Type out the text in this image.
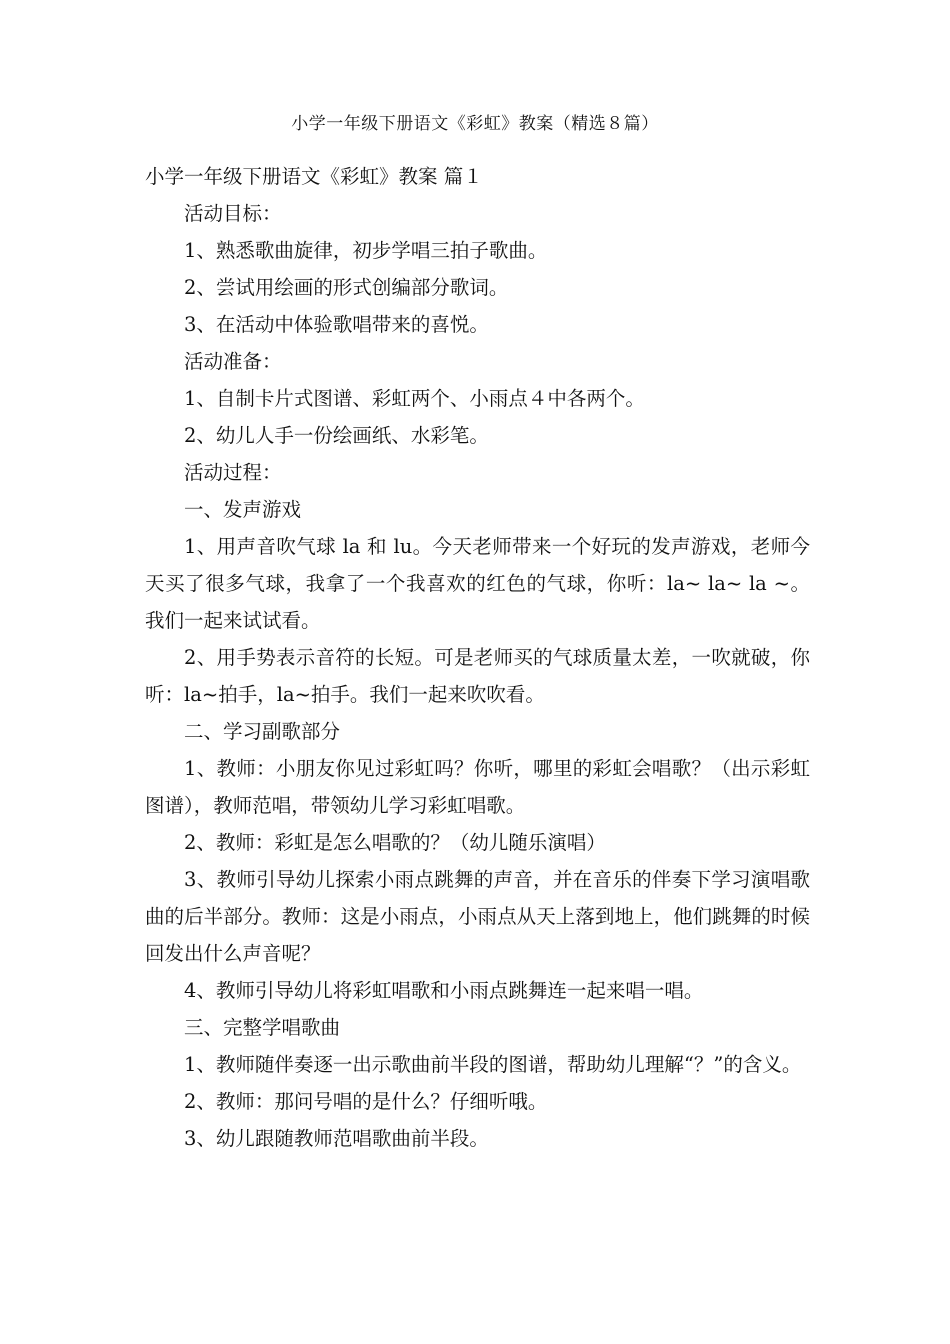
小学一年级下册语文《彩虹》教案（精选８篇）

小学一年级下册语文《彩虹》教案 篇１

活动目标：

1、熟悉歌曲旋律，初步学唱三拍子歌曲。

2、尝试用绘画的形式创编部分歌词。

3、在活动中体验歌唱带来的喜悦。

活动准备：

1、自制卡片式图谱、彩虹两个、小雨点４中各两个。

2、幼儿人手一份绘画纸、水彩笔。

活动过程：

一、发声游戏

1、用声音吹气球 la 和 lu。今天老师带来一个好玩的发声游戏，老师今天买了很多气球，我拿了一个我喜欢的红色的气球，你听：la~ la~ la ~。我们一起来试试看。

2、用手势表示音符的长短。可是老师买的气球质量太差，一吹就破，你听：la~拍手，la~拍手。我们一起来吹吹看。

二、学习副歌部分

1、教师：小朋友你见过彩虹吗？你听，哪里的彩虹会唱歌？（出示彩虹图谱），教师范唱，带领幼儿学习彩虹唱歌。

2、教师：彩虹是怎么唱歌的？（幼儿随乐演唱）

3、教师引导幼儿探索小雨点跳舞的声音，并在音乐的伴奏下学习演唱歌曲的后半部分。教师：这是小雨点，小雨点从天上落到地上，他们跳舞的时候回发出什么声音呢？

4、教师引导幼儿将彩虹唱歌和小雨点跳舞连一起来唱一唱。

三、完整学唱歌曲

1、教师随伴奏逐一出示歌曲前半段的图谱，帮助幼儿理解“？”的含义。

2、教师：那问号唱的是什么？仔细听哦。

3、幼儿跟随教师范唱歌曲前半段。
